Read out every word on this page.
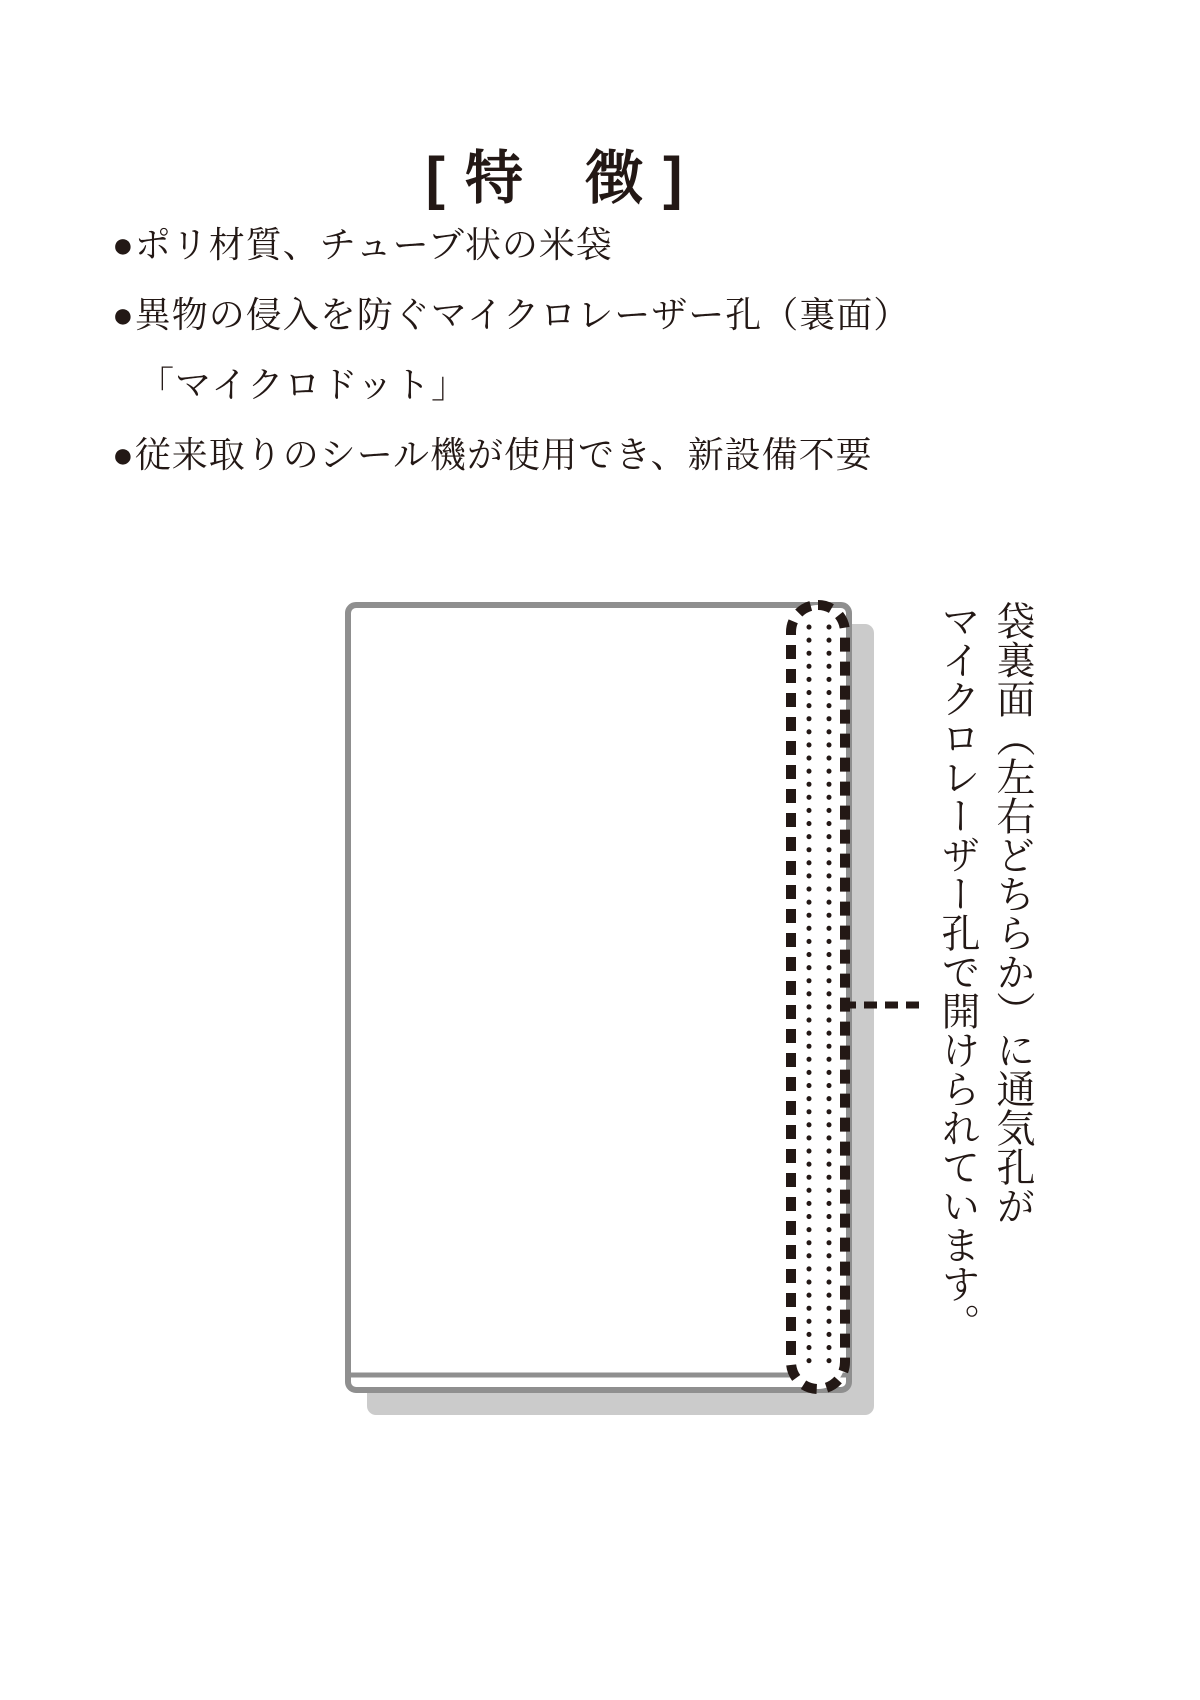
[ 特　徴 ]
●ポリ材質、チューブ状の米袋
●異物の侵入を防ぐマイクロレーザー孔（裏面）
「マイクロドット」
●従来取りのシール機が使用でき、新設備不要
袋裏面（左右どちらか）に通気孔が
マイクロレーザー孔で開けられています。
